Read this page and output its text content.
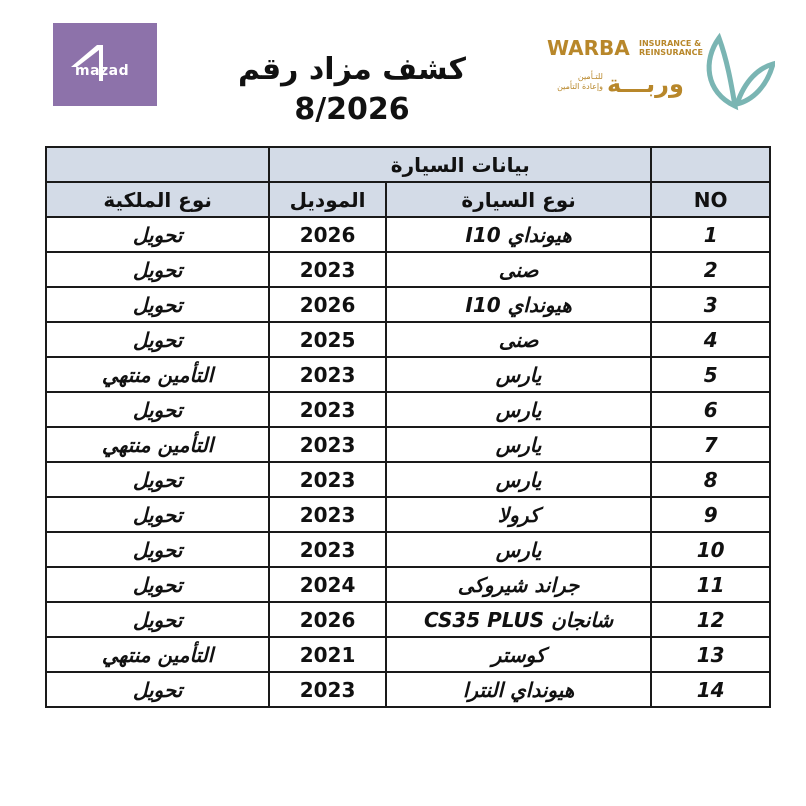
mazad	كشف مزاد رقم 8/2026
WARBA INSURANCE &
REINSURANCE
للتـأمين
وإعادة التأمين وربـــة
	بيانات السيارة		
نوع الملكية	الموديل	نوع السيارة	NO
تحويل	2026	هيونداي I10	1
تحويل	2023	صنى	2
تحويل	2026	هيونداي I10	3
تحويل	2025	صنى	4
التأمين منتهي	2023	يارس	5
تحويل	2023	يارس	6
التأمين منتهي	2023	يارس	7
تحويل	2023	يارس	8
تحويل	2023	كرولا	9
تحويل	2023	يارس	10
تحويل	2024	جراند شيروكى	11
تحويل	2026	شانجان CS35 PLUS	12
التأمين منتهي	2021	كوستر	13
تحويل	2023	هيونداي النترا	14
